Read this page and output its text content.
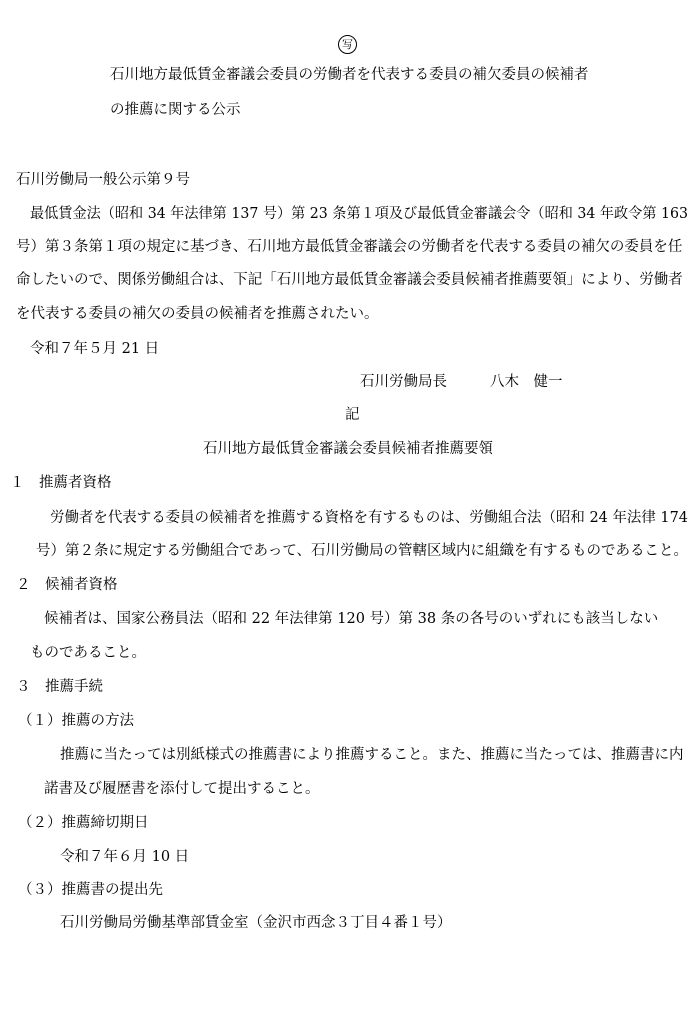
写
石川地方最低賃金審議会委員の労働者を代表する委員の補欠委員の候補者
の推薦に関する公示
石川労働局一般公示第９号
最低賃金法（昭和 34 年法律第 137 号）第 23 条第１項及び最低賃金審議会令（昭和 34 年政令第 163
号）第３条第１項の規定に基づき、石川地方最低賃金審議会の労働者を代表する委員の補欠の委員を任
命したいので、関係労働組合は、下記「石川地方最低賃金審議会委員候補者推薦要領」により、労働者
を代表する委員の補欠の委員の候補者を推薦されたい。
令和７年５月 21 日
石川労働局長	八木　健一
記
石川地方最低賃金審議会委員候補者推薦要領
１　推薦者資格
労働者を代表する委員の候補者を推薦する資格を有するものは、労働組合法（昭和 24 年法律 174
号）第２条に規定する労働組合であって、石川労働局の管轄区域内に組織を有するものであること。
２　候補者資格
候補者は、国家公務員法（昭和 22 年法律第 120 号）第 38 条の各号のいずれにも該当しない
ものであること。
３　推薦手続
（１）推薦の方法
推薦に当たっては別紙様式の推薦書により推薦すること。また、推薦に当たっては、推薦書に内
諾書及び履歴書を添付して提出すること。
（２）推薦締切期日
令和７年６月 10 日
（３）推薦書の提出先
石川労働局労働基準部賃金室（金沢市西念３丁目４番１号）
